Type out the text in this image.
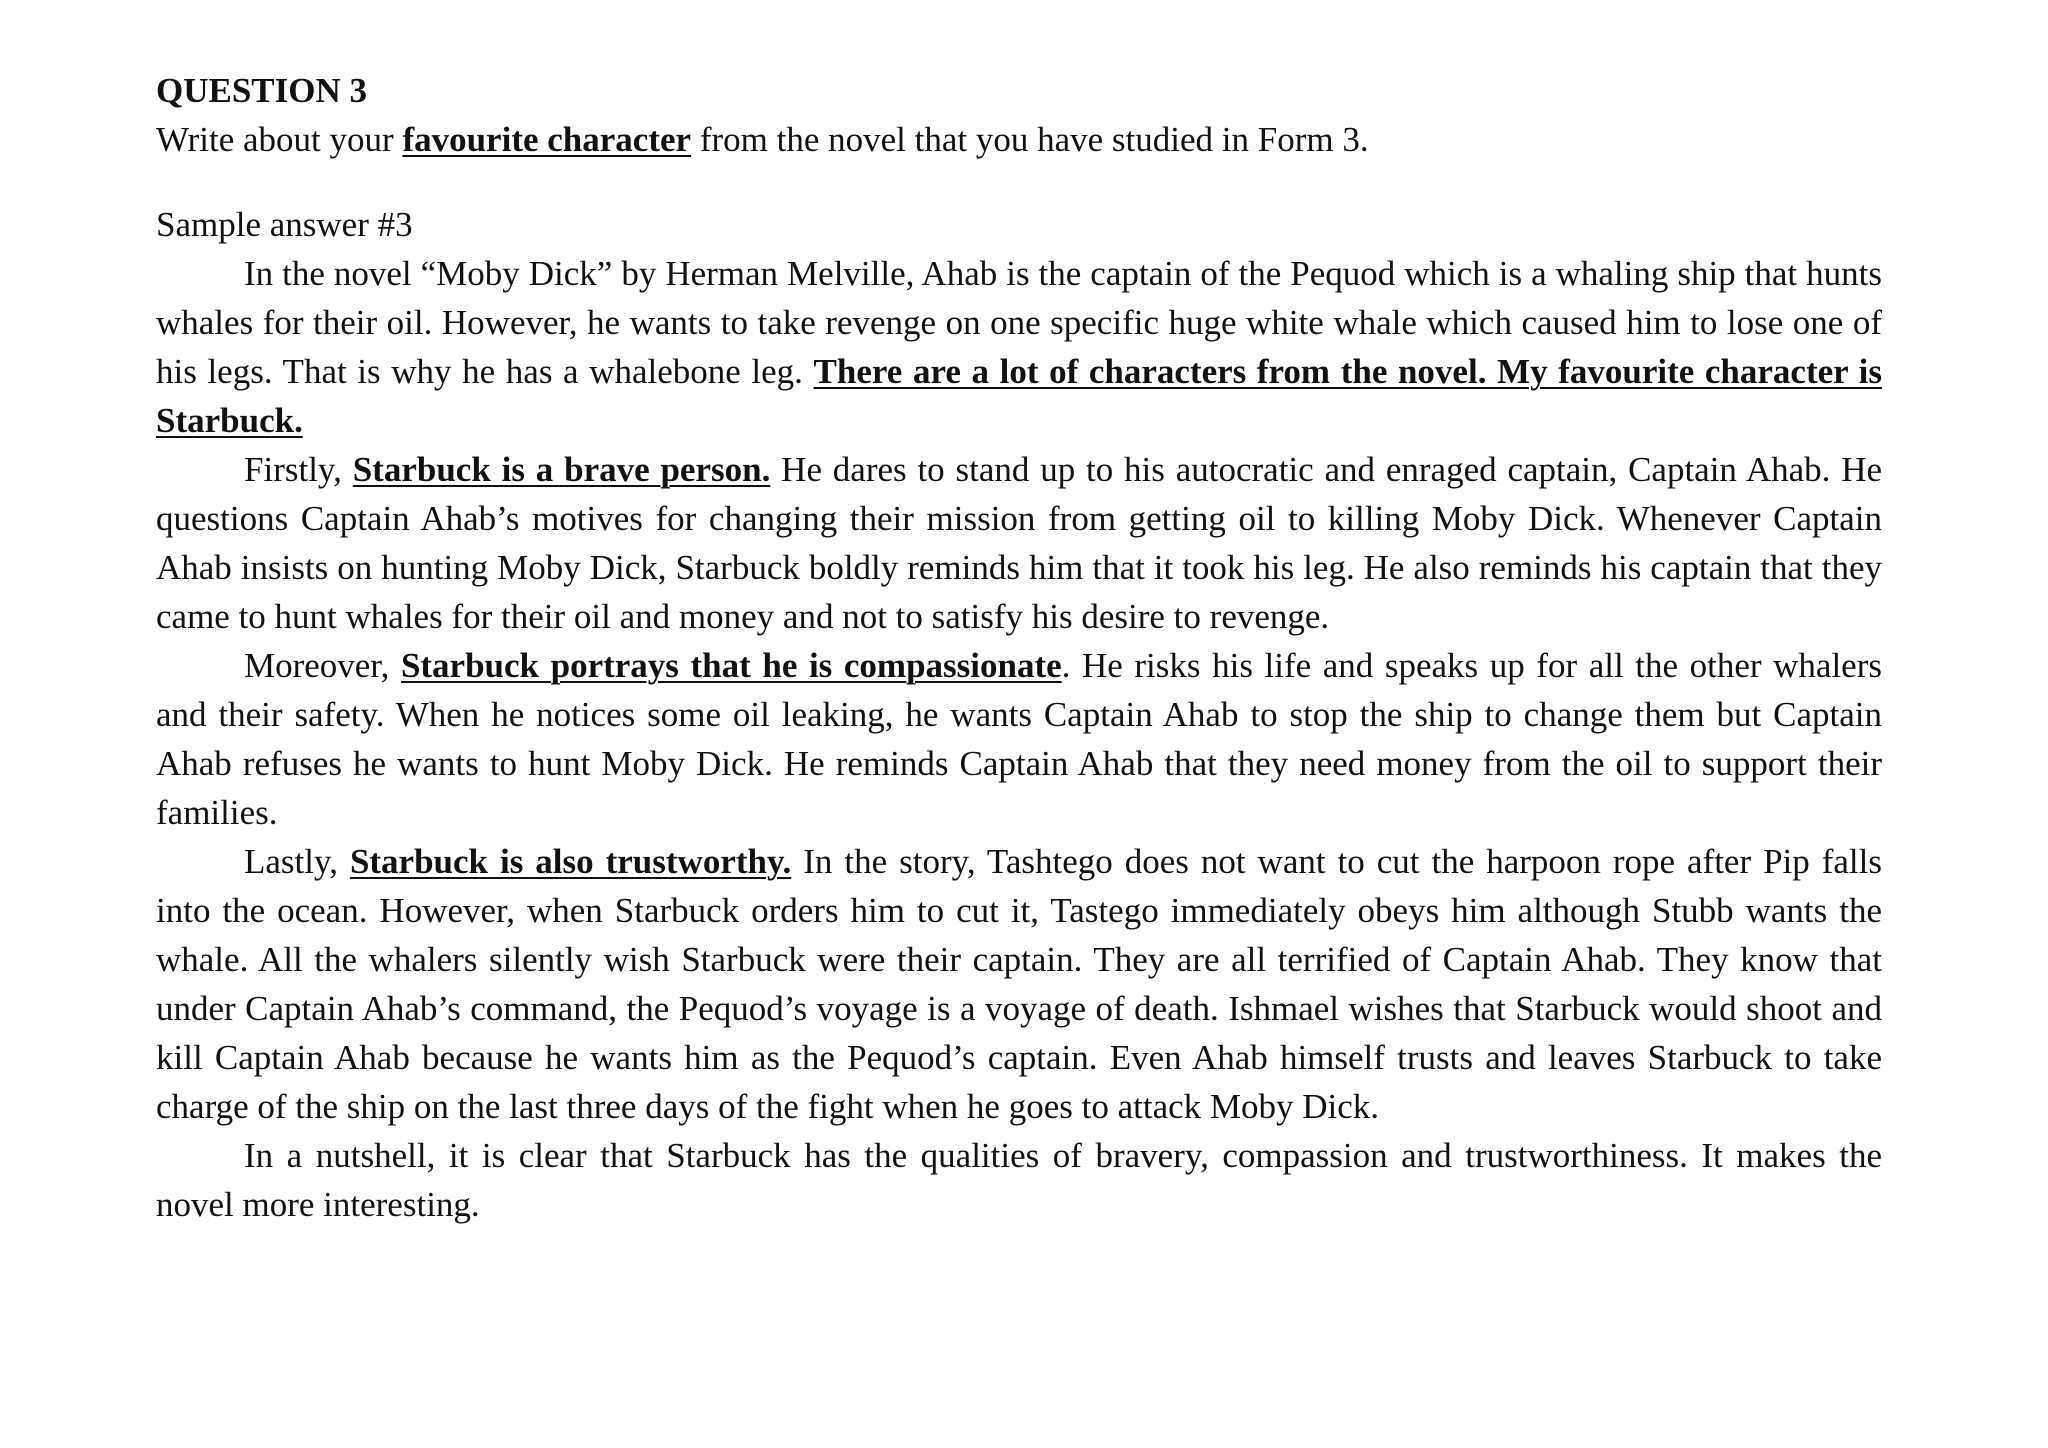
QUESTION 3

Write about your favourite character from the novel that you have studied in Form 3.

Sample answer #3

In the novel “Moby Dick” by Herman Melville, Ahab is the captain of the Pequod which is a whaling ship that hunts whales for their oil. However, he wants to take revenge on one specific huge white whale which caused him to lose one of his legs. That is why he has a whalebone leg. There are a lot of characters from the novel. My favourite character is Starbuck.

Firstly, Starbuck is a brave person. He dares to stand up to his autocratic and enraged captain, Captain Ahab. He questions Captain Ahab’s motives for changing their mission from getting oil to killing Moby Dick. Whenever Captain Ahab insists on hunting Moby Dick, Starbuck boldly reminds him that it took his leg. He also reminds his captain that they came to hunt whales for their oil and money and not to satisfy his desire to revenge.

Moreover, Starbuck portrays that he is compassionate. He risks his life and speaks up for all the other whalers and their safety. When he notices some oil leaking, he wants Captain Ahab to stop the ship to change them but Captain Ahab refuses he wants to hunt Moby Dick. He reminds Captain Ahab that they need money from the oil to support their families.

Lastly, Starbuck is also trustworthy. In the story, Tashtego does not want to cut the harpoon rope after Pip falls into the ocean. However, when Starbuck orders him to cut it, Tastego immediately obeys him although Stubb wants the whale. All the whalers silently wish Starbuck were their captain. They are all terrified of Captain Ahab. They know that under Captain Ahab’s command, the Pequod’s voyage is a voyage of death. Ishmael wishes that Starbuck would shoot and kill Captain Ahab because he wants him as the Pequod’s captain. Even Ahab himself trusts and leaves Starbuck to take charge of the ship on the last three days of the fight when he goes to attack Moby Dick.

In a nutshell, it is clear that Starbuck has the qualities of bravery, compassion and trustworthiness. It makes the novel more interesting.
